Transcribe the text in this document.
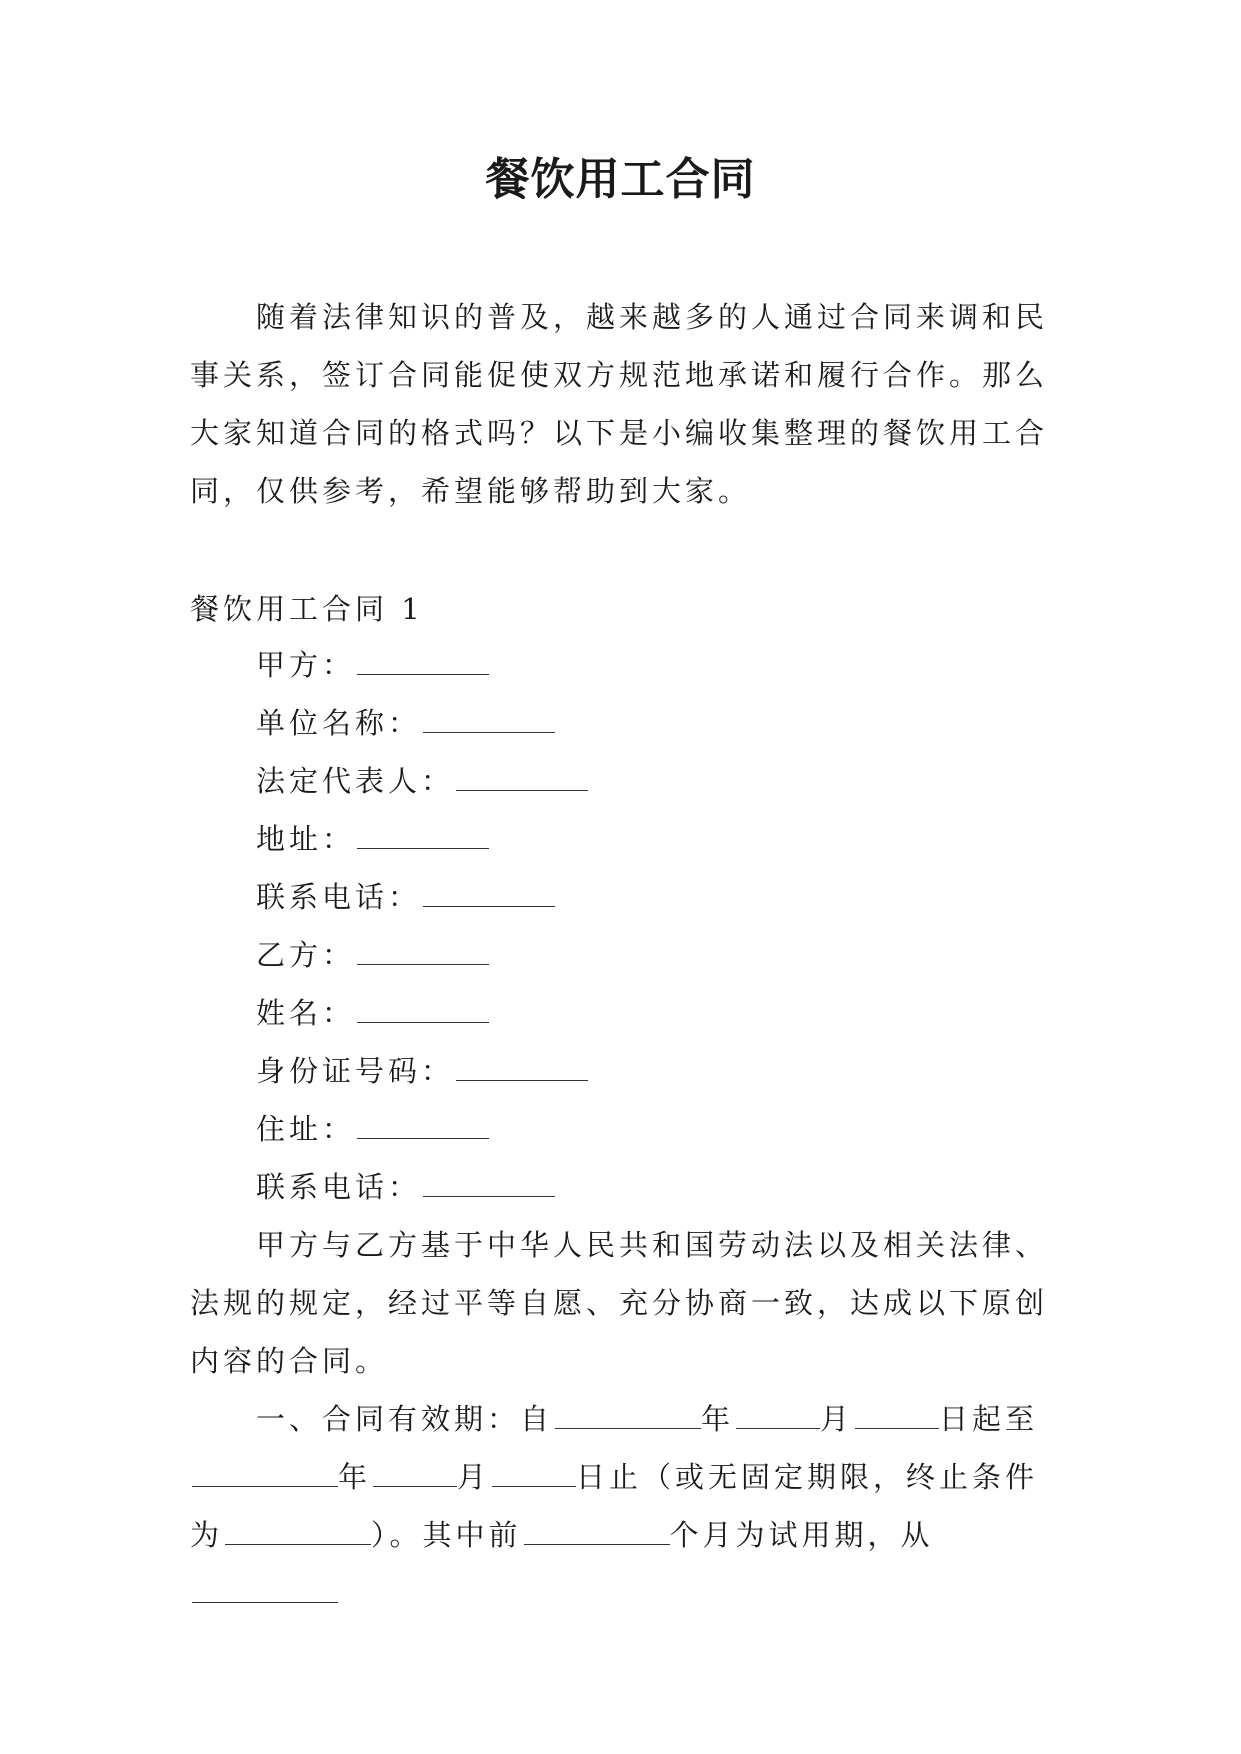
餐饮用工合同
随着法律知识的普及，越来越多的人通过合同来调和民事关系，签订合同能促使双方规范地承诺和履行合作。那么大家知道合同的格式吗？以下是小编收集整理的餐饮用工合同，仅供参考，希望能够帮助到大家。
餐饮用工合同 1
甲方：
单位名称：
法定代表人：
地址：
联系电话：
乙方：
姓名：
身份证号码：
住址：
联系电话：
甲方与乙方基于中华人民共和国劳动法以及相关法律、法规的规定，经过平等自愿、充分协商一致，达成以下原创内容的合同。
一、合同有效期：自	年	月	日起至年	月	日止（或无固定期限，终止条件为	）。其中前	个月为试用期，从
